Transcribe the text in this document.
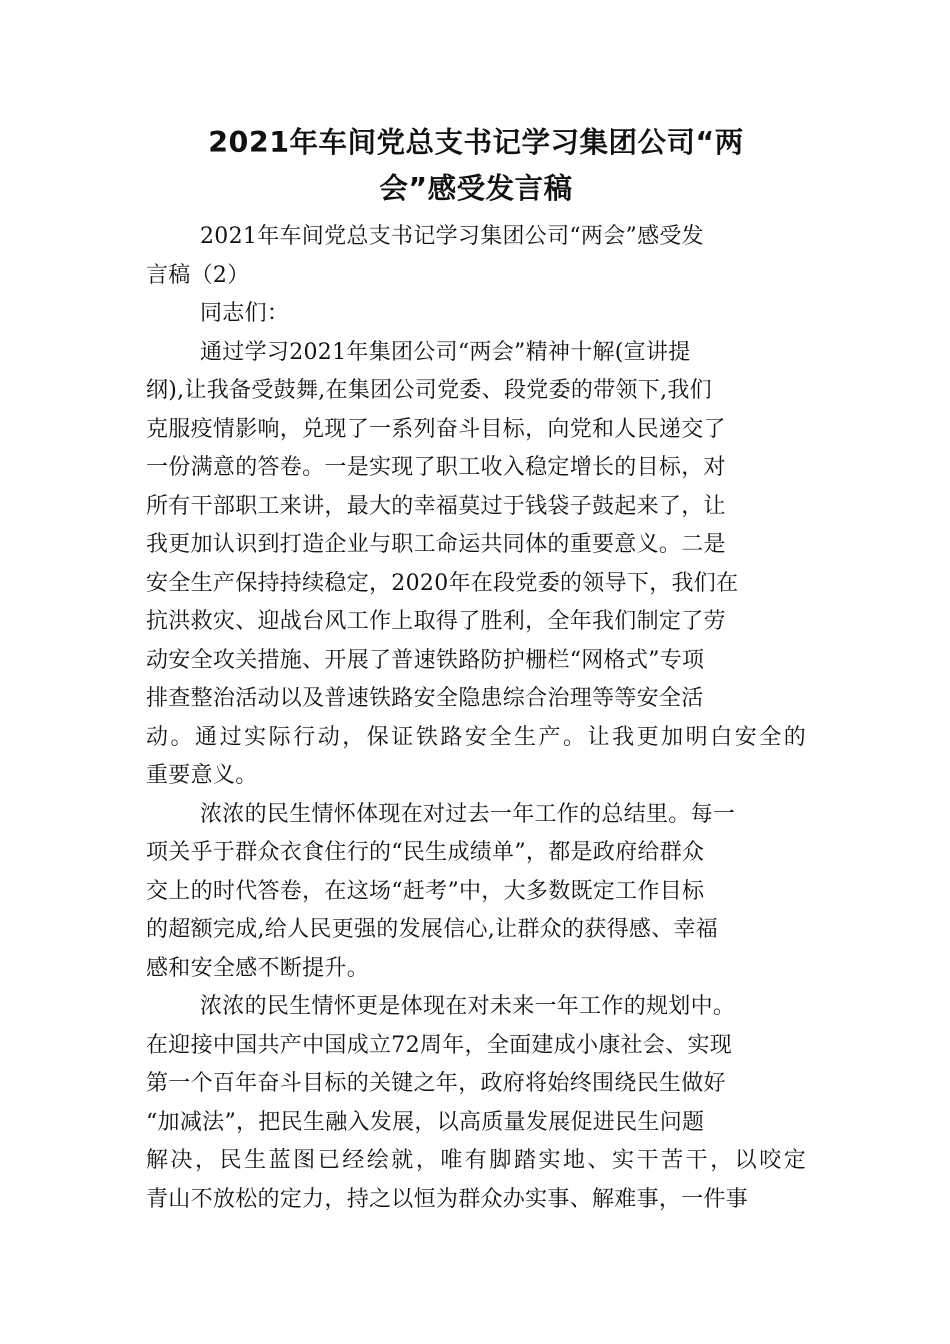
2021年车间党总支书记学习集团公司“两
会”感受发言稿

2021年车间党总支书记学习集团公司“两会”感受发
言稿（2）

同志们：

通过学习2021年集团公司“两会”精神十解(宣讲提
纲),让我备受鼓舞,在集团公司党委、段党委的带领下,我们
克服疫情影响，兑现了一系列奋斗目标，向党和人民递交了
一份满意的答卷。一是实现了职工收入稳定增长的目标，对
所有干部职工来讲，最大的幸福莫过于钱袋子鼓起来了，让
我更加认识到打造企业与职工命运共同体的重要意义。二是
安全生产保持持续稳定，2020年在段党委的领导下，我们在
抗洪救灾、迎战台风工作上取得了胜利，全年我们制定了劳
动安全攻关措施、开展了普速铁路防护栅栏“网格式”专项
排查整治活动以及普速铁路安全隐患综合治理等等安全活
动。通过实际行动，保证铁路安全生产。让我更加明白安全的
重要意义。

浓浓的民生情怀体现在对过去一年工作的总结里。每一
项关乎于群众衣食住行的“民生成绩单”，都是政府给群众
交上的时代答卷，在这场“赶考”中，大多数既定工作目标
的超额完成,给人民更强的发展信心,让群众的获得感、幸福
感和安全感不断提升。

浓浓的民生情怀更是体现在对未来一年工作的规划中。
在迎接中国共产中国成立72周年，全面建成小康社会、实现
第一个百年奋斗目标的关键之年，政府将始终围绕民生做好
“加减法”，把民生融入发展，以高质量发展促进民生问题
解决，民生蓝图已经绘就，唯有脚踏实地、实干苦干，以咬定
青山不放松的定力，持之以恒为群众办实事、解难事，一件事
